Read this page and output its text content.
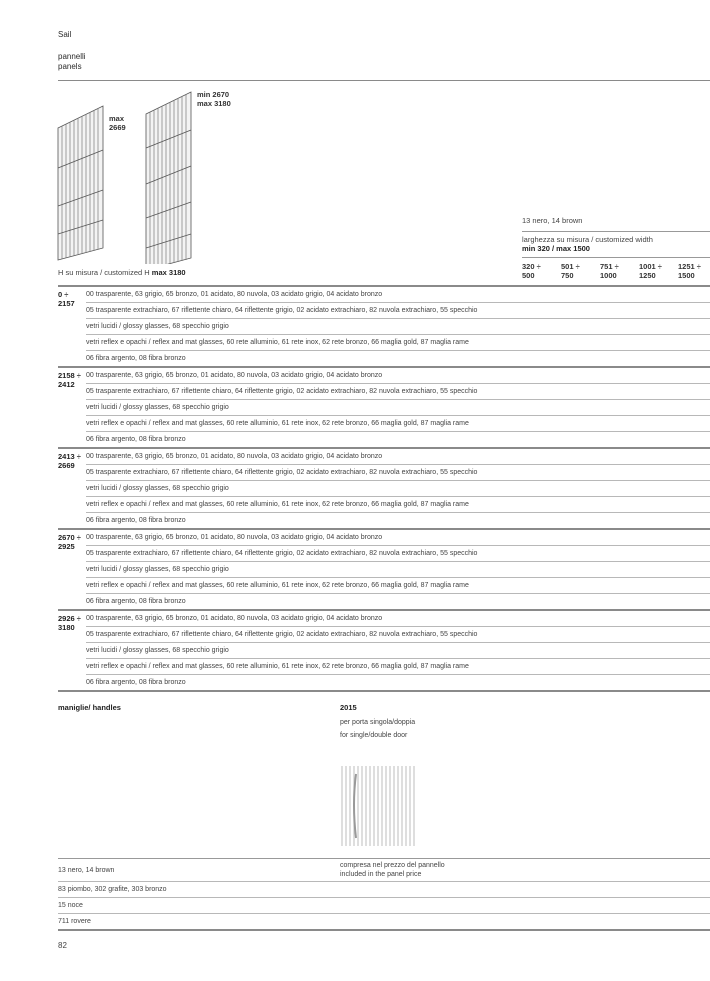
Sail
pannelli
panels
max
2669
min 2670
max 3180
H su misura / customized H max 3180
13 nero, 14 brown
larghezza su misura / customized width
min 320 / max 1500
320 ÷
500
501 ÷
750
751 ÷
1000
1001 ÷
1250
1251 ÷
1500
0 ÷
2157
00 trasparente, 63 grigio, 65 bronzo, 01 acidato, 80 nuvola, 03 acidato grigio, 04 acidato bronzo
05 trasparente extrachiaro, 67 riflettente chiaro, 64 riflettente grigio, 02 acidato extrachiaro, 82 nuvola extrachiaro, 55 specchio
vetri lucidi / glossy glasses, 68 specchio grigio
vetri reflex e opachi / reflex and mat glasses, 60 rete alluminio, 61 rete inox, 62 rete bronzo, 66 maglia gold, 87 maglia rame
06 fibra argento, 08 fibra bronzo
2158 ÷
2412
00 trasparente, 63 grigio, 65 bronzo, 01 acidato, 80 nuvola, 03 acidato grigio, 04 acidato bronzo
05 trasparente extrachiaro, 67 riflettente chiaro, 64 riflettente grigio, 02 acidato extrachiaro, 82 nuvola extrachiaro, 55 specchio
vetri lucidi / glossy glasses, 68 specchio grigio
vetri reflex e opachi / reflex and mat glasses, 60 rete alluminio, 61 rete inox, 62 rete bronzo, 66 maglia gold, 87 maglia rame
06 fibra argento, 08 fibra bronzo
2413 ÷
2669
00 trasparente, 63 grigio, 65 bronzo, 01 acidato, 80 nuvola, 03 acidato grigio, 04 acidato bronzo
05 trasparente extrachiaro, 67 riflettente chiaro, 64 riflettente grigio, 02 acidato extrachiaro, 82 nuvola extrachiaro, 55 specchio
vetri lucidi / glossy glasses, 68 specchio grigio
vetri reflex e opachi / reflex and mat glasses, 60 rete alluminio, 61 rete inox, 62 rete bronzo, 66 maglia gold, 87 maglia rame
06 fibra argento, 08 fibra bronzo
2670 ÷
2925
00 trasparente, 63 grigio, 65 bronzo, 01 acidato, 80 nuvola, 03 acidato grigio, 04 acidato bronzo
05 trasparente extrachiaro, 67 riflettente chiaro, 64 riflettente grigio, 02 acidato extrachiaro, 82 nuvola extrachiaro, 55 specchio
vetri lucidi / glossy glasses, 68 specchio grigio
vetri reflex e opachi / reflex and mat glasses, 60 rete alluminio, 61 rete inox, 62 rete bronzo, 66 maglia gold, 87 maglia rame
06 fibra argento, 08 fibra bronzo
2926 ÷
3180
00 trasparente, 63 grigio, 65 bronzo, 01 acidato, 80 nuvola, 03 acidato grigio, 04 acidato bronzo
05 trasparente extrachiaro, 67 riflettente chiaro, 64 riflettente grigio, 02 acidato extrachiaro, 82 nuvola extrachiaro, 55 specchio
vetri lucidi / glossy glasses, 68 specchio grigio
vetri reflex e opachi / reflex and mat glasses, 60 rete alluminio, 61 rete inox, 62 rete bronzo, 66 maglia gold, 87 maglia rame
06 fibra argento, 08 fibra bronzo
maniglie/ handles	2015
per porta singola/doppia
for single/double door
13 nero, 14 brown
compresa nel prezzo del pannello
included in the panel price
83 piombo, 302 grafite, 303 bronzo
15 noce
711 rovere
82
